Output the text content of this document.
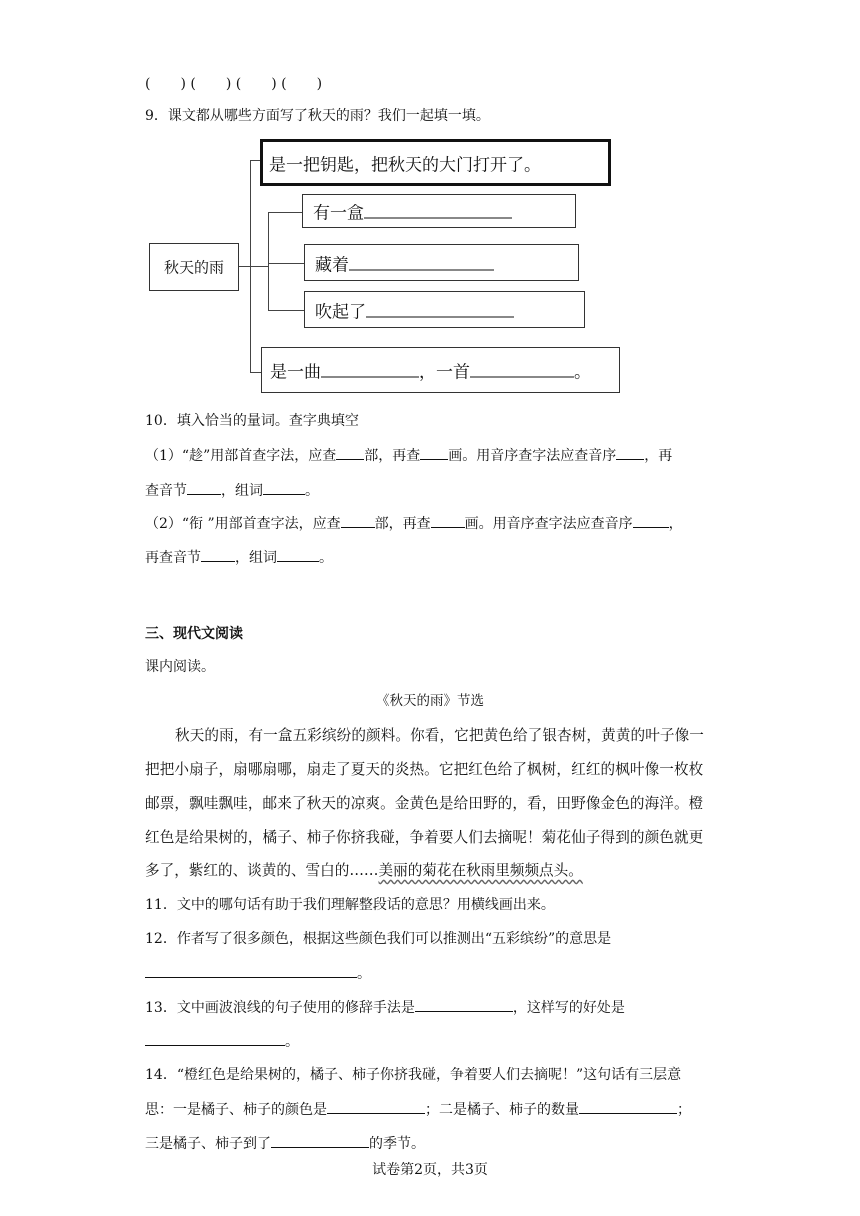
( ) ( ) ( ) ( )
9．课文都从哪些方面写了秋天的雨？我们一起填一填。
秋天的雨
是一把钥匙，把秋天的大门打开了。
有一盒
藏着
吹起了
是一曲	，一首	。
10．填入恰当的量词。查字典填空
（1）“趁”用部首查字法，应查 部，再查 画。用音序查字法应查音序 ，再
查音节 ，组词	。
（2）“衔 ”用部首查字法，应查 部，再查 画。用音序查字法应查音序	，
再查音节 ，组词	。
三、现代文阅读
课内阅读。
《秋天的雨》节选
秋天的雨，有一盒五彩缤纷的颜料。你看，它把黄色给了银杏树，黄黄的叶子像一
把把小扇子，扇哪扇哪，扇走了夏天的炎热。它把红色给了枫树，红红的枫叶像一枚枚
邮票，飘哇飘哇，邮来了秋天的凉爽。金黄色是给田野的，看，田野像金色的海洋。橙
红色是给果树的，橘子、柿子你挤我碰，争着要人们去摘呢！菊花仙子得到的颜色就更
多了，紫红的、谈黄的、雪白的……美丽的菊花在秋雨里频频点头。
11．文中的哪句话有助于我们理解整段话的意思？用横线画出来。
12．作者写了很多颜色，根据这些颜色我们可以推测出“五彩缤纷”的意思是
。
13．文中画波浪线的句子使用的修辞手法是	，这样写的好处是
。
14．“橙红色是给果树的，橘子、柿子你挤我碰，争着要人们去摘呢！”这句话有三层意
思：一是橘子、柿子的颜色是	；二是橘子、柿子的数量	；
三是橘子、柿子到了	的季节。
试卷第2页，共3页
